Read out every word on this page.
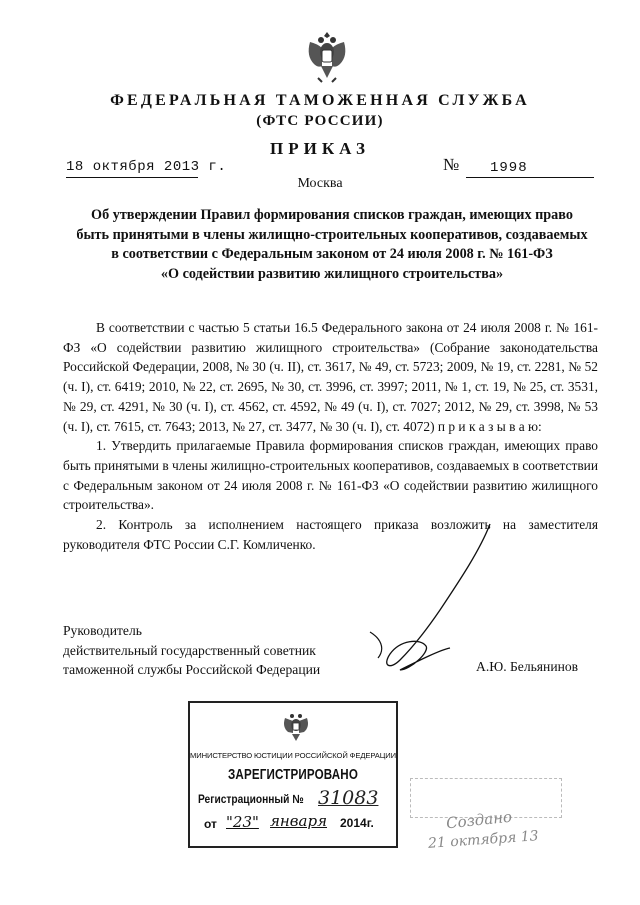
ФЕДЕРАЛЬНАЯ ТАМОЖЕННАЯ СЛУЖБА
(ФТС РОССИИ)
ПРИКАЗ
18 октября 2013 г.	№ 1998
Москва
Об утверждении Правил формирования списков граждан, имеющих право
быть принятыми в члены жилищно-строительных кооперативов, создаваемых
в соответствии с Федеральным законом от 24 июля 2008 г. № 161-ФЗ
«О содействии развитию жилищного строительства»

В соответствии с частью 5 статьи 16.5 Федерального закона от 24 июля 2008 г. № 161-ФЗ «О содействии развитию жилищного строительства» (Собрание законодательства Российской Федерации, 2008, № 30 (ч. II), ст. 3617, № 49, ст. 5723; 2009, № 19, ст. 2281, № 52 (ч. I), ст. 6419; 2010, № 22, ст. 2695, № 30, ст. 3996, ст. 3997; 2011, № 1, ст. 19, № 25, ст. 3531, № 29, ст. 4291, № 30 (ч. I), ст. 4562, ст. 4592, № 49 (ч. I), ст. 7027; 2012, № 29, ст. 3998, № 53 (ч. I), ст. 7615, ст. 7643; 2013, № 27, ст. 3477, № 30 (ч. I), ст. 4072) п р и к а з ы в а ю:

1. Утвердить прилагаемые Правила формирования списков граждан, имеющих право быть принятыми в члены жилищно-строительных кооперативов, создаваемых в соответствии с Федеральным законом от 24 июля 2008 г. № 161-ФЗ «О содействии развитию жилищного строительства».

2. Контроль за исполнением настоящего приказа возложить на заместителя руководителя ФТС России С.Г. Комличенко.

Руководитель
действительный государственный советник
таможенной службы Российской Федерации	А.Ю. Бельянинов
МИНИСТЕРСТВО ЮСТИЦИИ РОССИЙСКОЙ ФЕДЕРАЦИИ
ЗАРЕГИСТРИРОВАНО
Регистрационный № 31083
от "23" января 2014г.	Создано
21 октября 13
